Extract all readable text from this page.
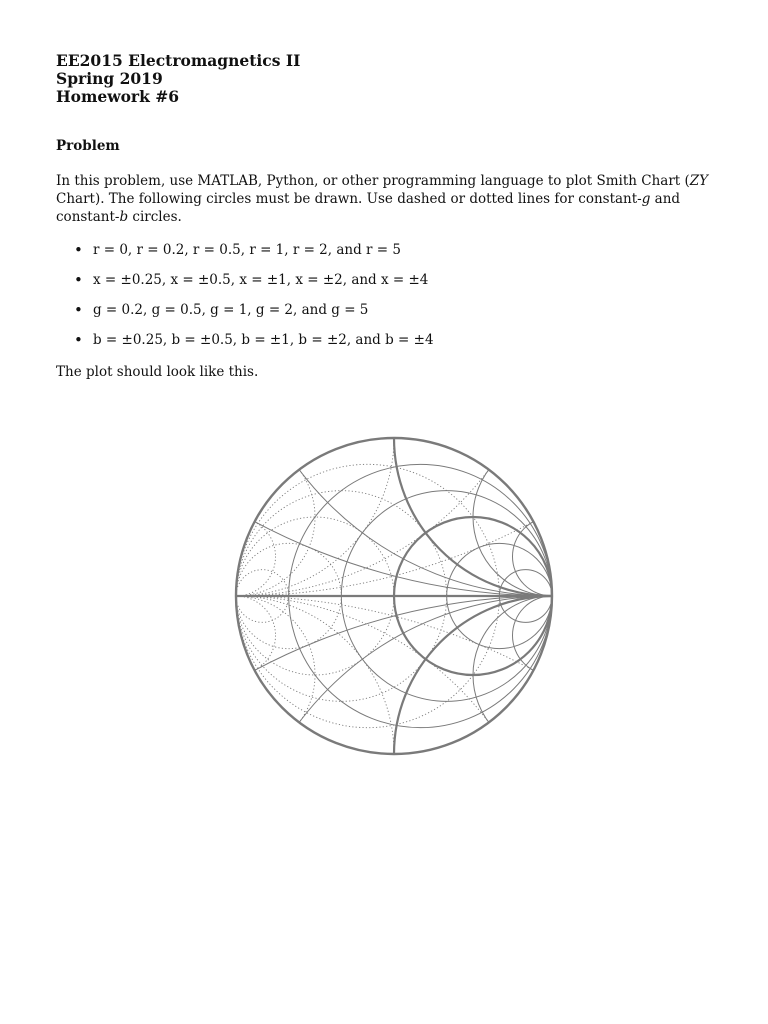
EE2015 Electromagnetics II
Spring 2019
Homework #6
Problem
In this problem, use MATLAB, Python, or other programming language to plot Smith Chart (ZY Chart). The following circles must be drawn. Use dashed or dotted lines for constant-g and constant-b circles.
• r = 0, r = 0.2, r = 0.5, r = 1, r = 2, and r = 5
• x = ±0.25, x = ±0.5, x = ±1, x = ±2, and x = ±4
• g = 0.2, g = 0.5, g = 1, g = 2, and g = 5
• b = ±0.25, b = ±0.5, b = ±1, b = ±2, and b = ±4
The plot should look like this.
